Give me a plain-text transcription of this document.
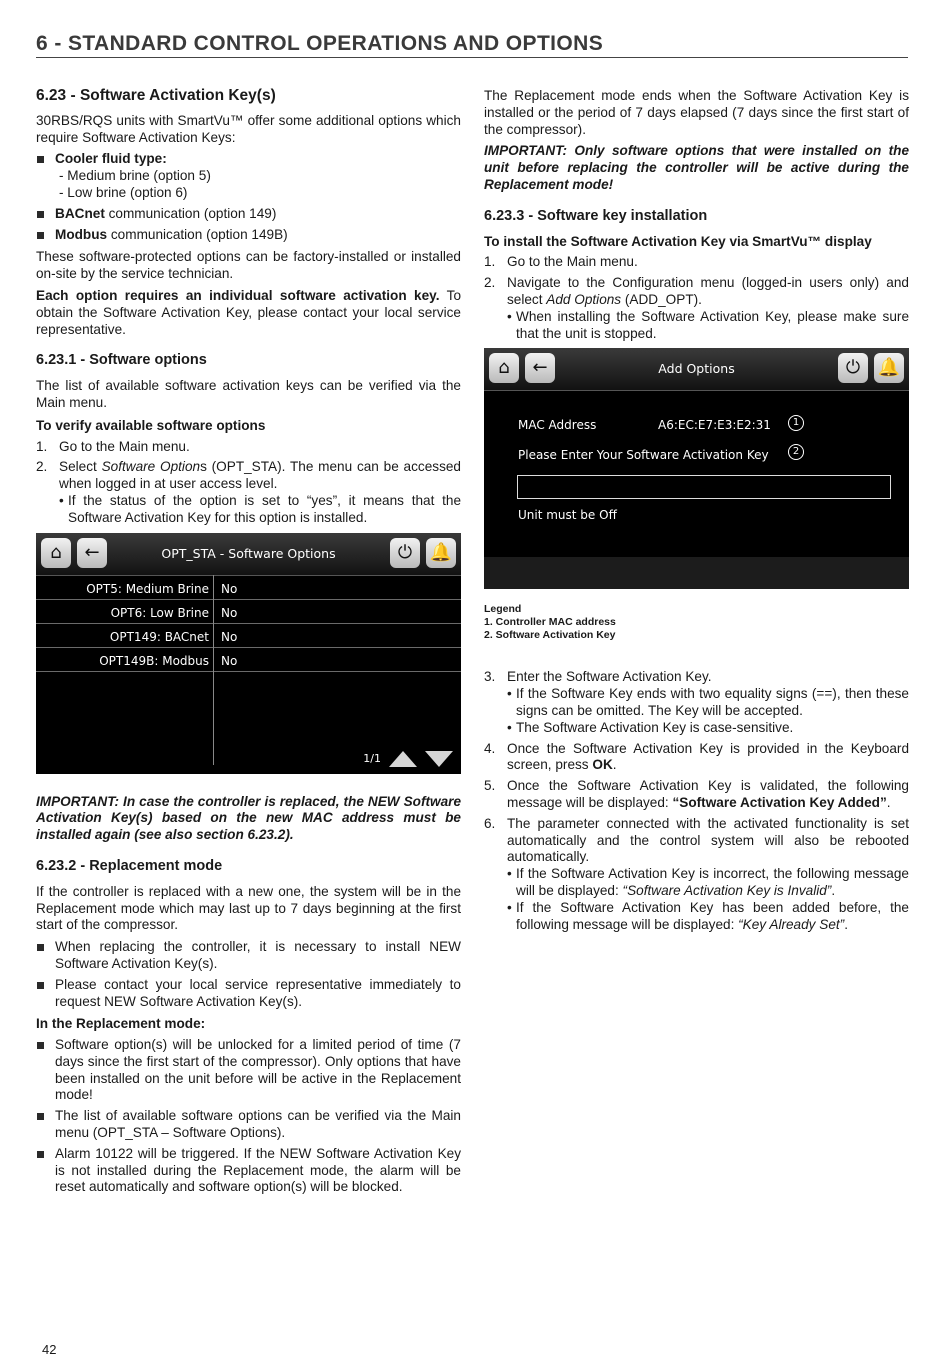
6 - STANDARD CONTROL OPERATIONS AND OPTIONS
6.23 - Software Activation Key(s)

30RBS/RQS units with SmartVu™ offer some additional options which require Software Activation Keys:

Cooler fluid type:
- Medium brine (option 5)
- Low brine (option 6)
BACnet communication (option 149)
Modbus communication (option 149B)

These software-protected options can be factory-installed or installed on-site by the service technician.

Each option requires an individual software activation key. To obtain the Software Activation Key, please contact your local service representative.

6.23.1 - Software options

The list of available software activation keys can be verified via the Main menu.

To verify available software options
1. Go to the Main menu.
2. Select Software Options (OPT_STA). The menu can be accessed when logged in at user access level.
• If the status of the option is set to “yes”, it means that the Software Activation Key for this option is installed.
⌂	←	OPT_STA - Software Options	⏻ 🔔
OPT5: Medium Brine No
OPT6: Low Brine No
OPT149: BACnet No
OPT149B: Modbus No
1/1

IMPORTANT: In case the controller is replaced, the NEW Software Activation Key(s) based on the new MAC address must be installed again (see also section 6.23.2).

6.23.2 - Replacement mode

If the controller is replaced with a new one, the system will be in the Replacement mode which may last up to 7 days beginning at the first start of the compressor.

When replacing the controller, it is necessary to install NEW Software Activation Key(s).
Please contact your local service representative immediately to request NEW Software Activation Key(s).
In the Replacement mode:
Software option(s) will be unlocked for a limited period of time (7 days since the first start of the compressor). Only options that have been installed on the unit before will be active in the Replacement mode!
The list of available software options can be verified via the Main menu (OPT_STA – Software Options).
Alarm 10122 will be triggered. If the NEW Software Activation Key is not installed during the Replacement mode, the alarm will be reset automatically and software option(s) will be blocked.

The Replacement mode ends when the Software Activation Key is installed or the period of 7 days elapsed (7 days since the first start of the compressor).

IMPORTANT: Only software options that were installed on the unit before replacing the controller will be active during the Replacement mode!

6.23.3 - Software key installation
To install the Software Activation Key via SmartVu™ display
1. Go to the Main menu.
2. Navigate to the Configuration menu (logged-in users only) and select Add Options (ADD_OPT).
• When installing the Software Activation Key, please make sure that the unit is stopped.
⌂	←	Add Options	⏻ 🔔
MAC Address	A6:EC:E7:E3:E2:31	1
Please Enter Your Software Activation Key	2
Unit must be Off
Legend
1. Controller MAC address
2. Software Activation Key
3. Enter the Software Activation Key.
• If the Software Key ends with two equality signs (==), then these signs can be omitted. The Key will be accepted.
• The Software Activation Key is case-sensitive.
4. Once the Software Activation Key is provided in the Keyboard screen, press OK.
5. Once the Software Activation Key is validated, the following message will be displayed: “Software Activation Key Added”.
6. The parameter connected with the activated functionality is set automatically and the control system will also be rebooted automatically.
• If the Software Activation Key is incorrect, the following message will be displayed: “Software Activation Key is Invalid”.
• If the Software Activation Key has been added before, the following message will be displayed: “Key Already Set”.
42
